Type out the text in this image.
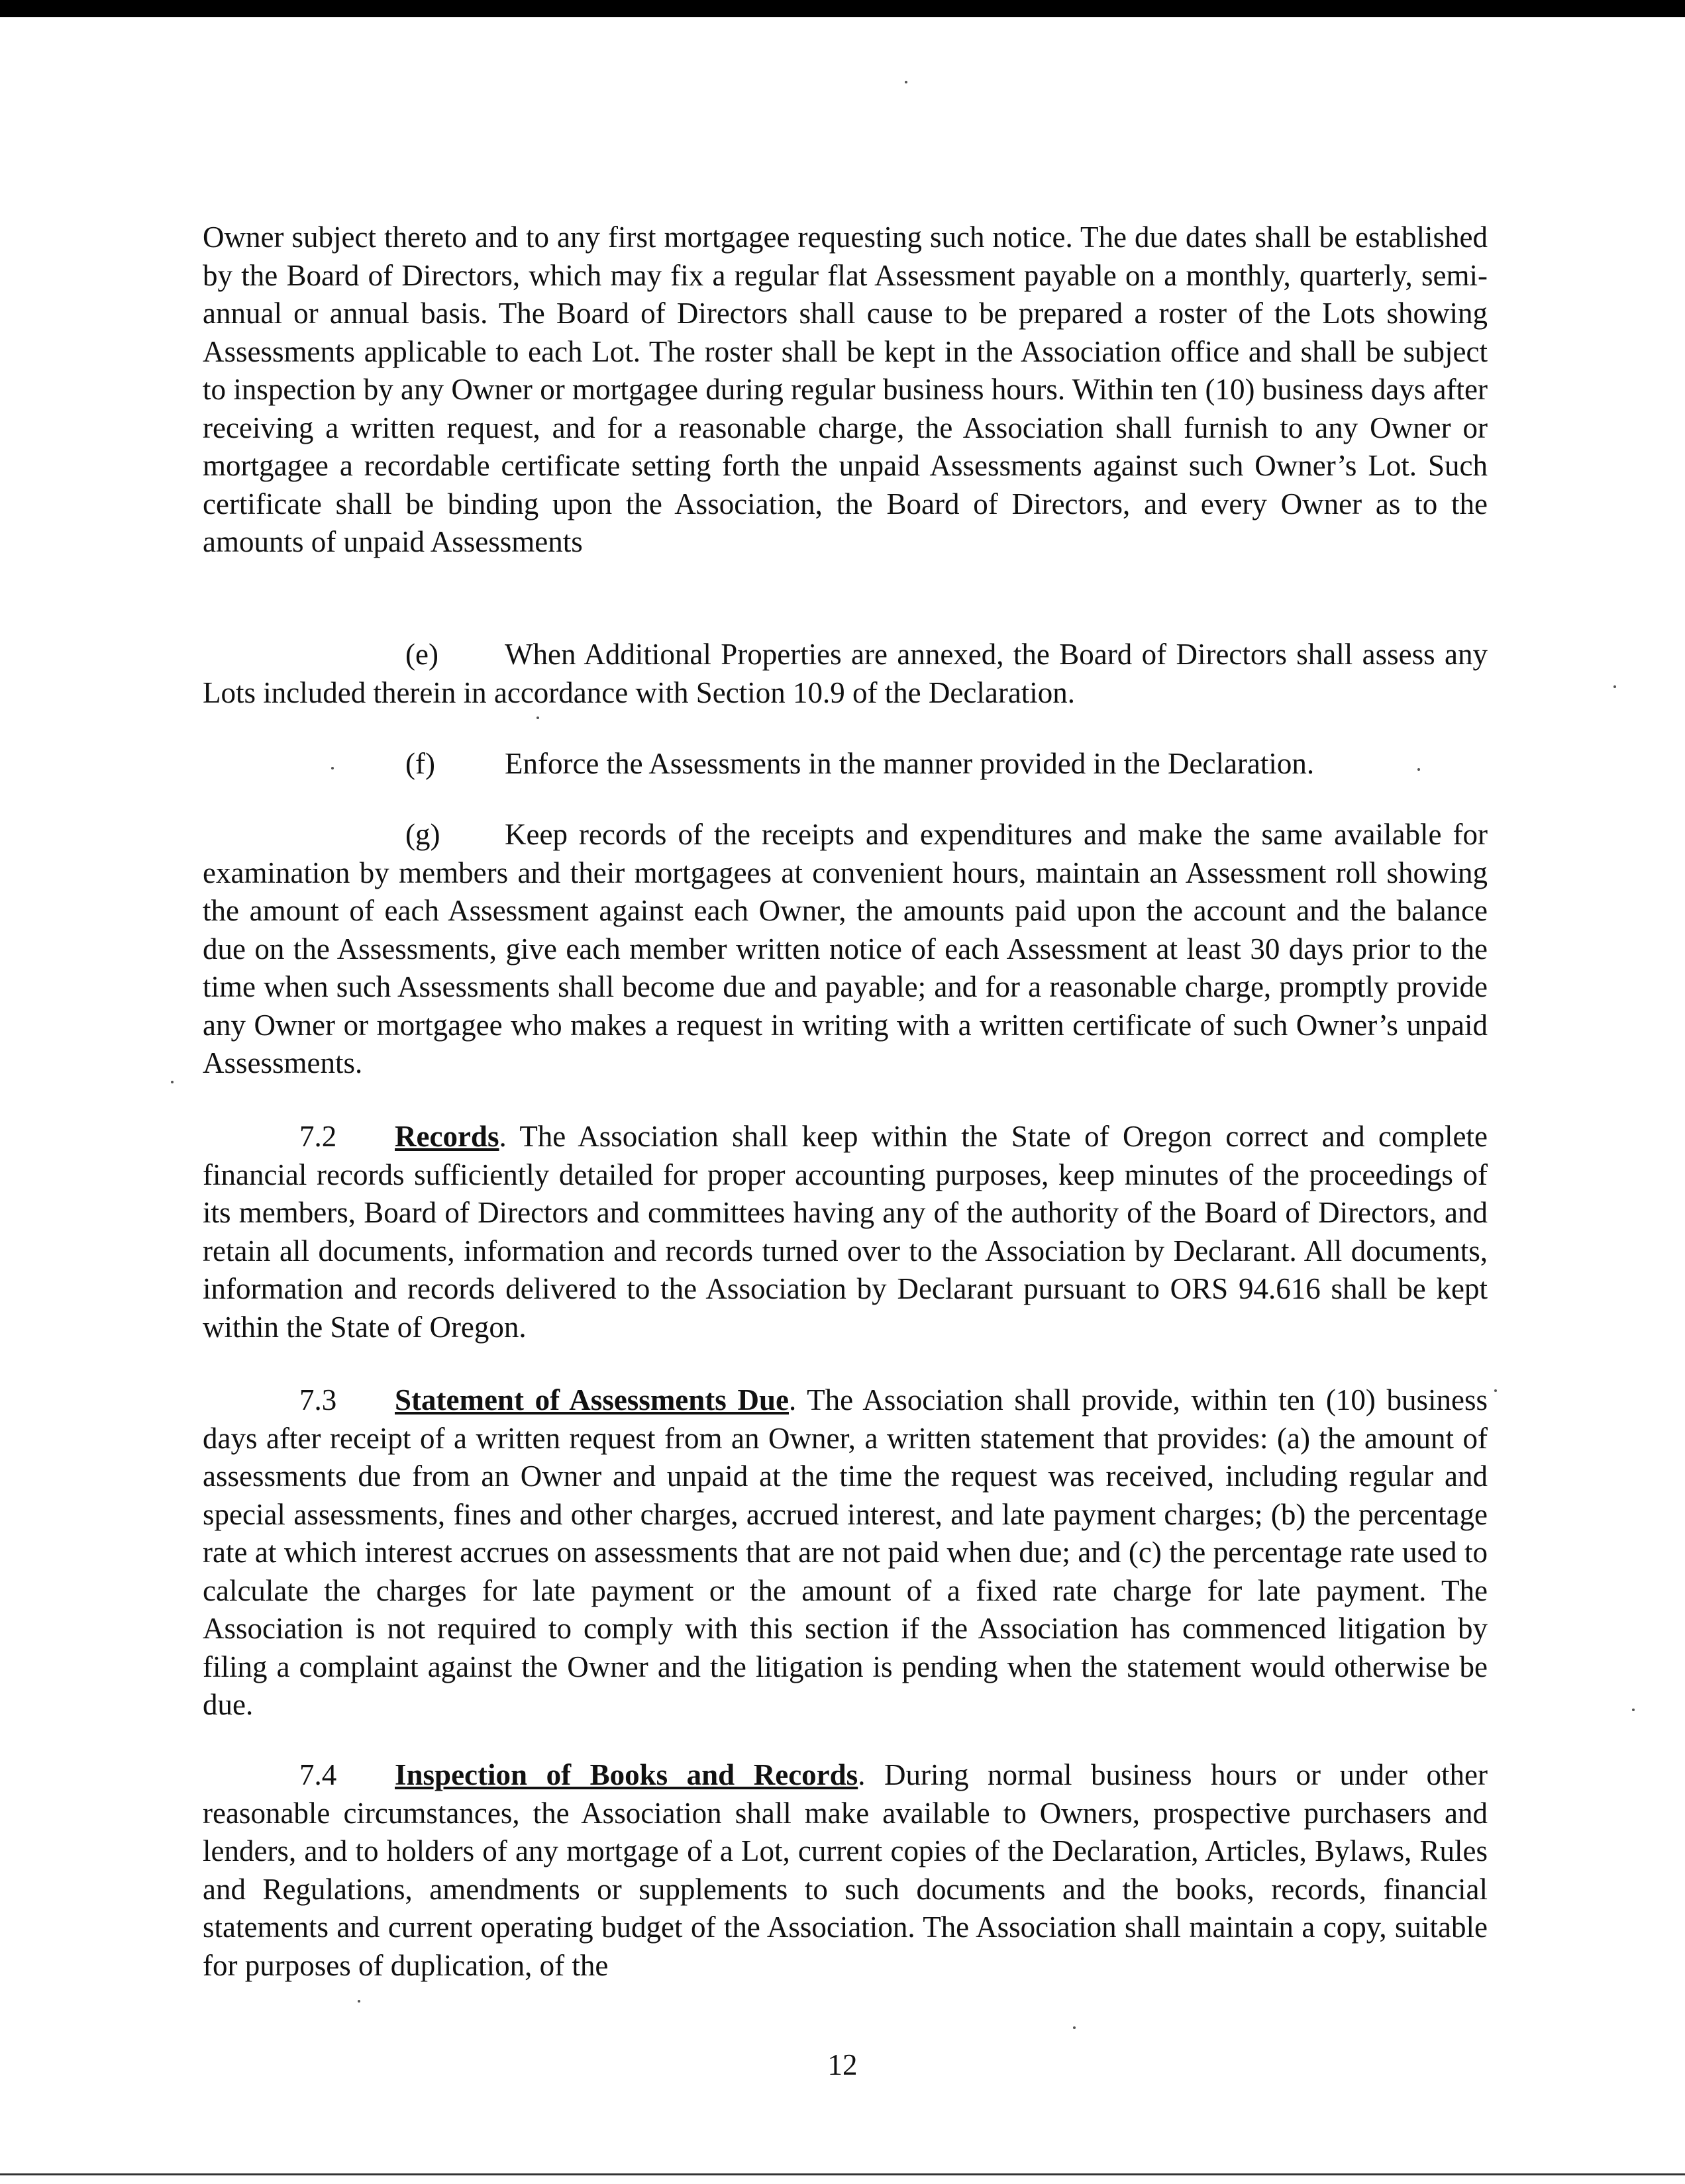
Owner subject thereto and to any first mortgagee requesting such notice. The due dates shall be established by the Board of Directors, which may fix a regular flat Assessment payable on a monthly, quarterly, semi-annual or annual basis. The Board of Directors shall cause to be prepared a roster of the Lots showing Assessments applicable to each Lot. The roster shall be kept in the Association office and shall be subject to inspection by any Owner or mortgagee during regular business hours. Within ten (10) business days after receiving a written request, and for a reasonable charge, the Association shall furnish to any Owner or mortgagee a recordable certificate setting forth the unpaid Assessments against such Owner’s Lot. Such certificate shall be binding upon the Association, the Board of Directors, and every Owner as to the amounts of unpaid Assessments
(e) When Additional Properties are annexed, the Board of Directors shall assess any Lots included therein in accordance with Section 10.9 of the Declaration.
(f) Enforce the Assessments in the manner provided in the Declaration.
(g) Keep records of the receipts and expenditures and make the same available for examination by members and their mortgagees at convenient hours, maintain an Assessment roll showing the amount of each Assessment against each Owner, the amounts paid upon the account and the balance due on the Assessments, give each member written notice of each Assessment at least 30 days prior to the time when such Assessments shall become due and payable; and for a reasonable charge, promptly provide any Owner or mortgagee who makes a request in writing with a written certificate of such Owner’s unpaid Assessments.
7.2 Records. The Association shall keep within the State of Oregon correct and complete financial records sufficiently detailed for proper accounting purposes, keep minutes of the proceedings of its members, Board of Directors and committees having any of the authority of the Board of Directors, and retain all documents, information and records turned over to the Association by Declarant. All documents, information and records delivered to the Association by Declarant pursuant to ORS 94.616 shall be kept within the State of Oregon.
7.3 Statement of Assessments Due. The Association shall provide, within ten (10) business days after receipt of a written request from an Owner, a written statement that provides: (a) the amount of assessments due from an Owner and unpaid at the time the request was received, including regular and special assessments, fines and other charges, accrued interest, and late payment charges; (b) the percentage rate at which interest accrues on assessments that are not paid when due; and (c) the percentage rate used to calculate the charges for late payment or the amount of a fixed rate charge for late payment. The Association is not required to comply with this section if the Association has commenced litigation by filing a complaint against the Owner and the litigation is pending when the statement would otherwise be due.
7.4 Inspection of Books and Records. During normal business hours or under other reasonable circumstances, the Association shall make available to Owners, prospective purchasers and lenders, and to holders of any mortgage of a Lot, current copies of the Declaration, Articles, Bylaws, Rules and Regulations, amendments or supplements to such documents and the books, records, financial statements and current operating budget of the Association. The Association shall maintain a copy, suitable for purposes of duplication, of the
12
